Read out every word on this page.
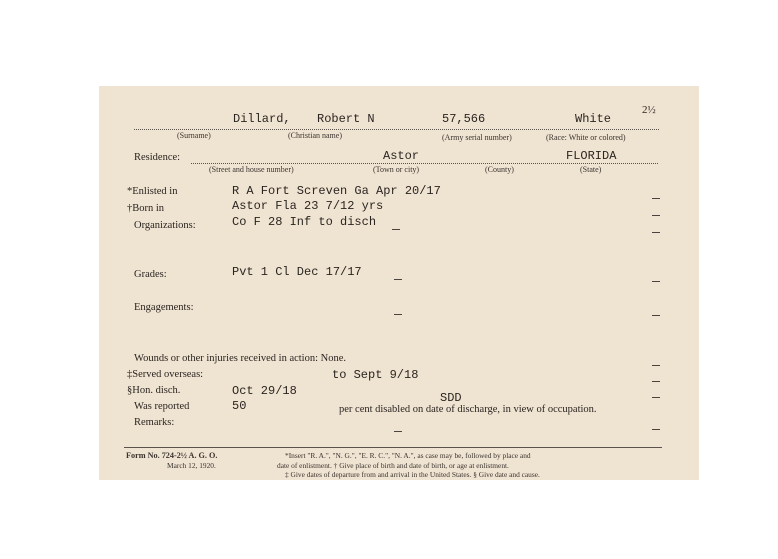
Dillard, Robert N	57,566	White
2½
(Surname)	(Christian name)	(Army serial number)	(Race: White or colored)
Residence:	Astor	FLORIDA
(Street and house number)	(Town or city)	(County)	(State)
*Enlisted in	R A Fort Screven Ga Apr 20/17
†Born in	Astor Fla 23 7/12 yrs
Organizations:	Co F 28 Inf to disch
Grades:	Pvt 1 Cl Dec 17/17
Engagements:
Wounds or other injuries received in action: None.
‡Served overseas:	to Sept 9/18
§Hon. disch.	Oct 29/18
Was reported	50
SDD
per cent disabled on date of discharge, in view of occupation.
Remarks:
Form No. 724-2½ A. G. O.
March 12, 1920.
*Insert "R. A.", "N. G.", "E. R. C.", "N. A.", as case may be, followed by place and
date of enlistment. † Give place of birth and date of birth, or age at enlistment.
‡ Give dates of departure from and arrival in the United States. § Give date and cause.
